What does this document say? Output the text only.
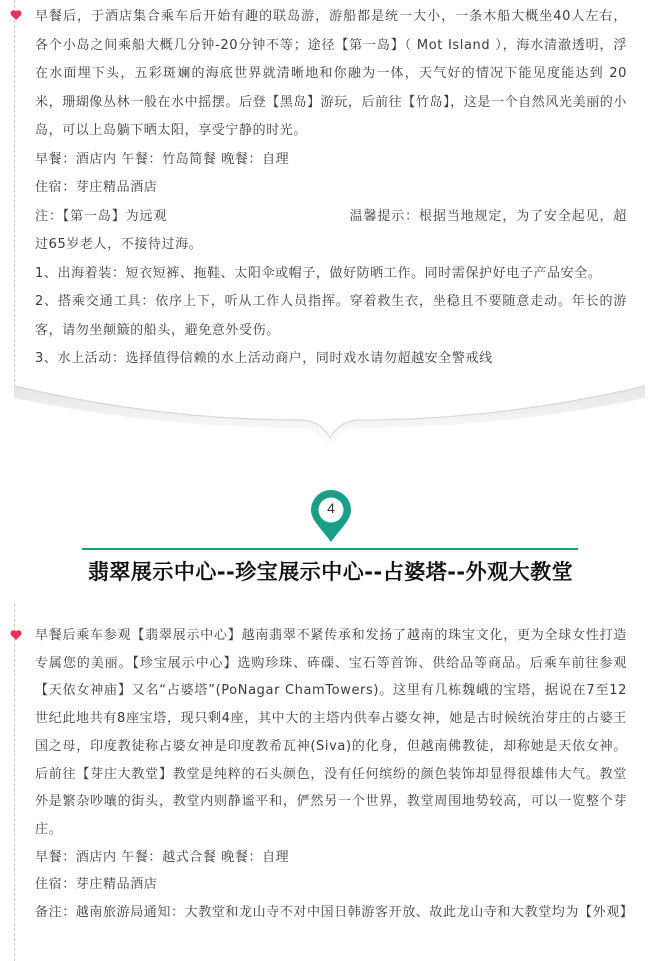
早餐后，于酒店集合乘车后开始有趣的联岛游，游船都是统一大小，一条木船大概坐40人左右， 各个小岛之间乘船大概几分钟-20分钟不等；途径【第一岛】（ Mot Island ），海水清澈透明，浮在水面埋下头，五彩斑斓的海底世界就清晰地和你融为一体，天气好的情况下能见度能达到 20 米，珊瑚像丛林一般在水中摇摆。后登【黑岛】游玩，后前往【竹岛】，这是一个自然风光美丽的小岛，可以上岛躺下晒太阳，享受宁静的时光。

早餐：酒店内 午餐：竹岛简餐 晚餐：自理

住宿：芽庄精品酒店

注：【第一岛】为远观	温馨提示：根据当地规定，为了安全起见，超过65岁老人，不接待过海。

1、出海着装：短衣短裤、拖鞋、太阳伞或帽子，做好防晒工作。同时需保护好电子产品安全。

2、搭乘交通工具：依序上下，听从工作人员指挥。穿着救生衣，坐稳且不要随意走动。年长的游客，请勿坐颠簸的船头，避免意外受伤。

3、水上活动：选择值得信赖的水上活动商户，同时戏水请勿超越安全警戒线

4
翡翠展示中心--珍宝展示中心--占婆塔--外观大教堂

早餐后乘车参观【翡翠展示中心】越南翡翠不紧传承和发扬了越南的珠宝文化，更为全球女性打造专属您的美丽。【珍宝展示中心】选购珍珠、砗磲、宝石等首饰、供给品等商品。后乘车前往参观【天依女神庙】又名“占婆塔”(PoNagar ChamTowers)。这里有几栋魏峨的宝塔，据说在7至12世纪此地共有8座宝塔，现只剩4座，其中大的主塔内供奉占婆女神，她是古时候统治芽庄的占婆王国之母，印度教徒称占婆女神是印度教希瓦神(Siva)的化身，但越南佛教徒，却称她是天依女神。后前往【芽庄大教堂】教堂是纯粹的石头颜色，没有任何缤纷的颜色装饰却显得很雄伟大气。教堂外是繁杂吵嚷的街头，教堂内则静谧平和，俨然另一个世界，教堂周围地势较高，可以一览整个芽庄。

早餐：酒店内 午餐：越式合餐 晚餐：自理

住宿：芽庄精品酒店

备注：越南旅游局通知：大教堂和龙山寺不对中国日韩游客开放、故此龙山寺和大教堂均为【外观】
